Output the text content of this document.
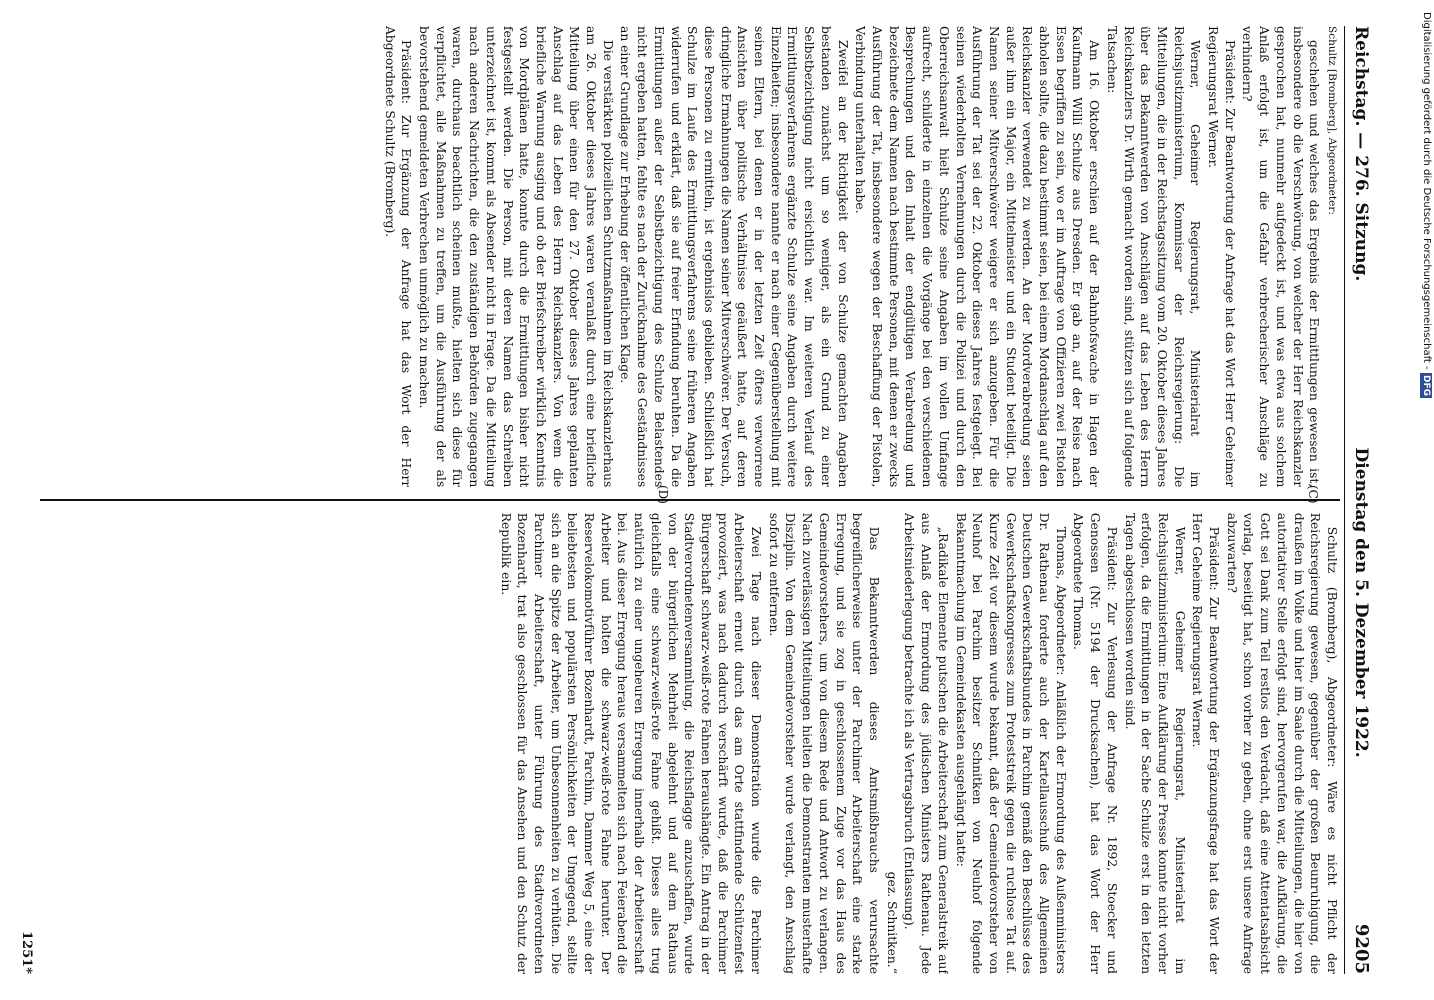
Reichstag. — 276. Sitzung.
Dienstag den 5. Dezember 1922.
9205

Schultz [Bromberg], Abgeordneter:

geschehen und welches das Ergebnis der Ermittlungen gewesen ist, insbesondere ob die Verschwörung, von welcher der Herr Reichskanzler gesprochen hat, nunmehr aufgedeckt ist, und was etwa aus solchem Anlaß erfolgt ist, um die Gefahr verbrecherischer Anschläge zu verhindern?

Präsident: Zur Beantwortung der Anfrage hat das Wort Herr Geheimer Regierungsrat Werner.

Werner, Geheimer Regierungsrat, Ministerialrat im Reichsjustizministerium, Kommissar der Reichsregierung: Die Mitteilungen, die in der Reichstagssitzung vom 20. Oktober dieses Jahres über das Bekanntwerden von Anschlägen auf das Leben des Herrn Reichskanzlers Dr. Wirth gemacht worden sind, stützen sich auf folgende Tatsachen:

Am 16. Oktober erschien auf der Bahnhofswache in Hagen der Kaufmann Willi Schulze aus Dresden. Er gab an, auf der Reise nach Essen begriffen zu sein, wo er im Auftrage von Offizieren zwei Pistolen abholen sollte, die dazu bestimmt seien, bei einem Mordanschlag auf den Reichskanzler verwendet zu werden. An der Mordverabredung seien außer ihm ein Major, ein Mittelmeister und ein Student beteiligt. Die Namen seiner Mitverschwörer weigere er sich anzugeben. Für die Ausführung der Tat sei der 22. Oktober dieses Jahres festgelegt. Bei seinen wiederholten Vernehmungen durch die Polizei und durch den Oberreichsanwalt hielt Schulze seine Angaben im vollen Umfange aufrecht, schilderte in einzelnen die Vorgänge bei den verschiedenen Besprechungen und den Inhalt der endgültigen Verabredung und bezeichnete dem Namen nach bestimmte Personen, mit denen er zwecks Ausführung der Tat, insbesondere wegen der Beschaffung der Pistolen, Verbindung unterhalten habe.

Zweifel an der Richtigkeit der von Schulze gemachten Angaben bestanden zunächst um so weniger, als ein Grund zu einer Selbstbezichtigung nicht ersichtlich war. Im weiteren Verlauf des Ermittlungsverfahrens ergänzte Schulze seine Angaben durch weitere Einzelheiten; insbesondere nannte er nach einer Gegenüberstellung mit seinen Eltern, bei denen er in der letzten Zeit öfters verworrene Ansichten über politische Verhältnisse geäußert hatte, auf deren dringliche Ermahnungen die Namen seiner Mitverschwörer. Der Versuch, diese Personen zu ermitteln, ist ergebnislos geblieben. Schließlich hat Schulze im Laufe des Ermittlungsverfahrens seine früheren Angaben widerrufen und erklärt, daß sie auf freier Erfindung beruhten. Da die Ermittlungen außer der Selbstbezichtigung des Schulze Belastendes nicht ergeben hatten, fehlte es nach der Zurücknahme des Geständnisses an einer Grundlage zur Erhebung der öffentlichen Klage.

Die verstärkten polizeilichen Schutzmaßnahmen im Reichskanzlerhaus am 26. Oktober dieses Jahres waren veranlaßt durch eine briefliche Mitteilung über einen für den 27. Oktober dieses Jahres geplanten Anschlag auf das Leben des Herrn Reichskanzlers. Von wem die briefliche Warnung ausging und ob der Briefschreiber wirklich Kenntnis von Mordplänen hatte, konnte durch die Ermittlungen bisher nicht festgestellt werden. Die Person, mit deren Namen das Schreiben unterzeichnet ist, kommt als Absender nicht in Frage. Da die Mitteilung nach anderen Nachrichten, die den zuständigen Behörden zugegangen waren, durchaus beachtlich scheinen mußte, hielten sich diese für verpflichtet, alle Maßnahmen zu treffen, um die Ausführung der als bevorstehend gemeldeten Verbrechen unmöglich zu machen.

Präsident: Zur Ergänzung der Anfrage hat das Wort der Herr Abgeordnete Schultz (Bromberg).

Schultz (Bromberg), Abgeordneter: Wäre es nicht Pflicht der Reichsregierung gewesen, gegenüber der großen Beunruhigung, die draußen im Volke und hier im Saale durch die Mitteilungen, die hier von autoritativer Stelle erfolgt sind, hervorgerufen war, die Aufklärung, die Gott sei Dank zum Teil restlos den Verdacht, daß eine Attentatsabsicht vorlag, beseitigt hat, schon vorher zu geben, ohne erst unsere Anfrage abzuwarten?

Präsident: Zur Beantwortung der Ergänzungsfrage hat das Wort der Herr Geheime Regierungsrat Werner.

Werner, Geheimer Regierungsrat, Ministerialrat im Reichsjustizministerium: Eine Aufklärung der Presse konnte nicht vorher erfolgen, da die Ermittlungen in der Sache Schulze erst in den letzten Tagen abgeschlossen worden sind.

Präsident: Zur Verlesung der Anfrage Nr. 1892, Stoecker und Genossen (Nr. 5194 der Drucksachen), hat das Wort der Herr Abgeordnete Thomas.

Thomas, Abgeordneter: Anläßlich der Ermordung des Außenministers Dr. Rathenau forderte auch der Kartellausschuß des Allgemeinen Deutschen Gewerkschaftsbundes in Parchim gemäß den Beschlüsse des Gewerkschaftskongresses zum Proteststreik gegen die ruchlose Tat auf. Kurze Zeit vor diesem wurde bekannt, daß der Gemeindevorsteher von Neuhof bei Parchim besitzer Schnitken von Neuhof folgende Bekanntmachung im Gemeindekasten ausgehängt hatte:

„Radikale Elemente putschen die Arbeiterschaft zum Generalstreik auf aus Anlaß der Ermordung des jüdischen Ministers Rathenau. Jede Arbeitsniederlegung betrachte ich als Vertragsbruch (Entlassung).

gez. Schnitken.“

Das Bekanntwerden dieses Amtsmißbrauchs verursachte begreiflicherweise unter der Parchimer Arbeiterschaft eine starke Erregung, und sie zog in geschlossenem Zuge vor das Haus des Gemeindevorstehers, um von diesem Rede und Antwort zu verlangen. Nach zuverlässigen Mitteilungen hielten die Demonstranten musterhafte Disziplin. Von dem Gemeindevorsteher wurde verlangt, den Anschlag sofort zu entfernen.

Zwei Tage nach dieser Demonstration wurde die Parchimer Arbeiterschaft erneut durch das am Orte stattfindende Schützenfest provoziert, was nach dadurch verschärft wurde, daß die Parchimer Bürgerschaft schwarz-weiß-rote Fahnen heraushängte. Ein Antrag in der Stadtverordnetenversammlung, die Reichsflagge anzuschaffen, wurde von der bürgerlichen Mehrheit abgelehnt und auf dem Rathaus gleichfalls eine schwarz-weiß-rote Fahne gehißt. Dieses alles trug natürlich zu einer ungeheuren Erregung innerhalb der Arbeiterschaft bei. Aus dieser Erregung heraus versammelten sich nach Feierabend die Arbeiter und holten die schwarz-weiß-rote Fahne herunter. Der Reservelokomotivführer Bozenhardt, Parchim, Dammer Weg 5, eine der beliebtesten und populärsten Persönlichkeiten der Umgegend, stellte sich an die Spitze der Arbeiter, um Unbesonnenheiten zu verhüten. Die Parchimer Arbeiterschaft, unter Führung des Stadtverordneten Bozenhardt, trat also geschlossen für das Ansehen und den Schutz der Republik ein.

1251*
(C)
(D)
Digitalisierung gefördert durch die Deutsche Forschungsgemeinschaft - DFG
